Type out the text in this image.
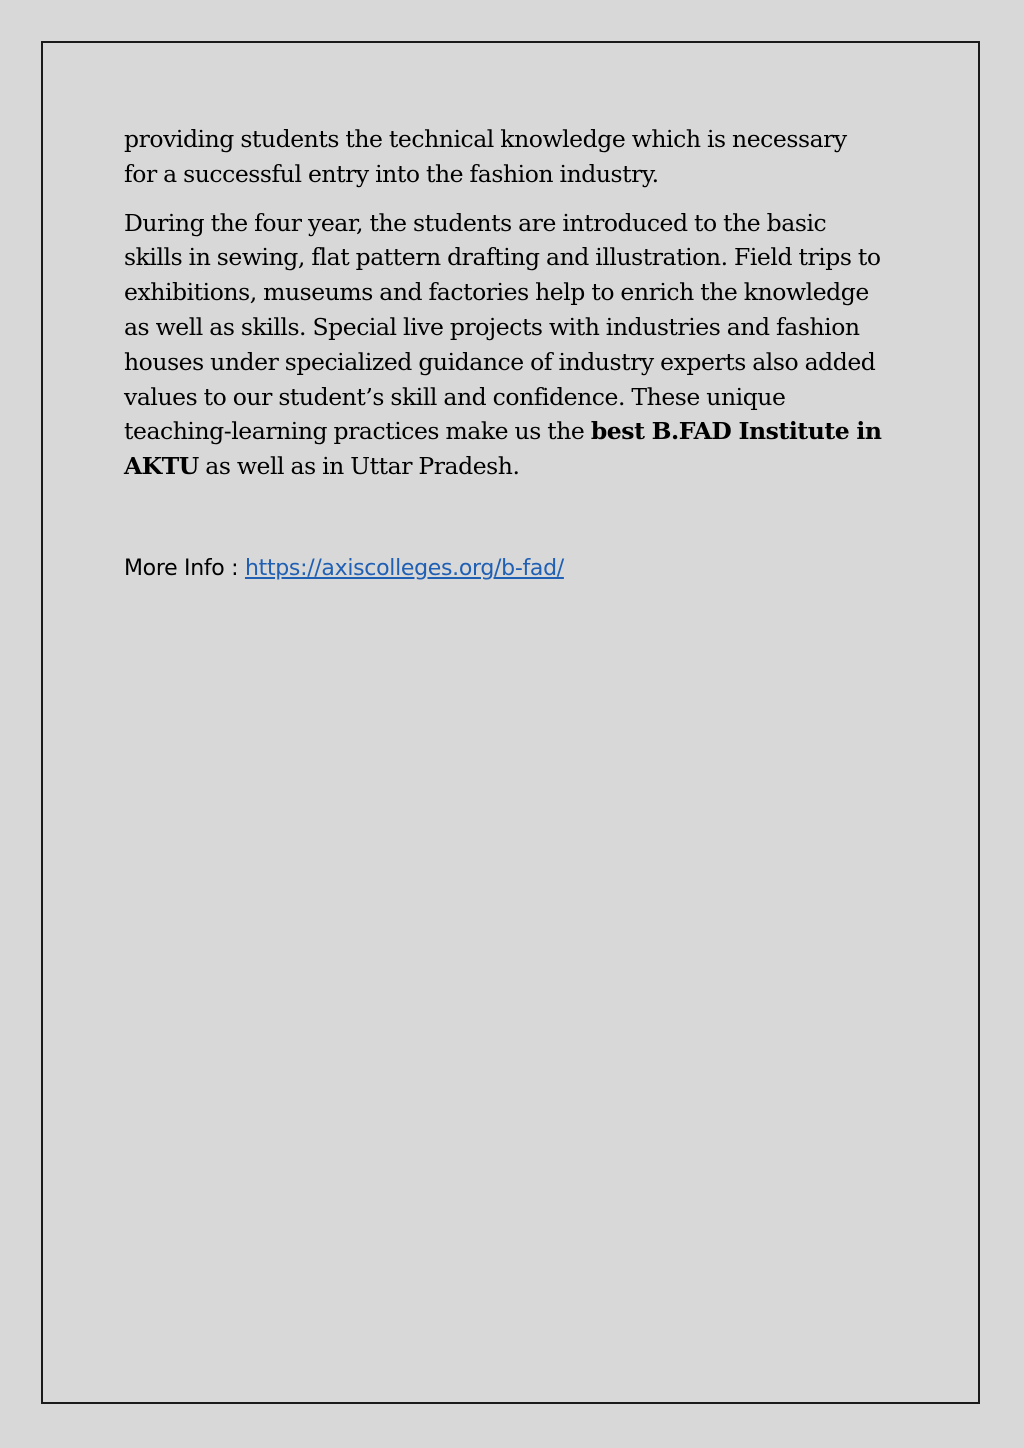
providing students the technical knowledge which is necessary
for a successful entry into the fashion industry.

During the four year, the students are introduced to the basic
skills in sewing, flat pattern drafting and illustration. Field trips to
exhibitions, museums and factories help to enrich the knowledge
as well as skills. Special live projects with industries and fashion
houses under specialized guidance of industry experts also added
values to our student’s skill and confidence. These unique
teaching-learning practices make us the best B.FAD Institute in
AKTU as well as in Uttar Pradesh.

More Info : https://axiscolleges.org/b-fad/
